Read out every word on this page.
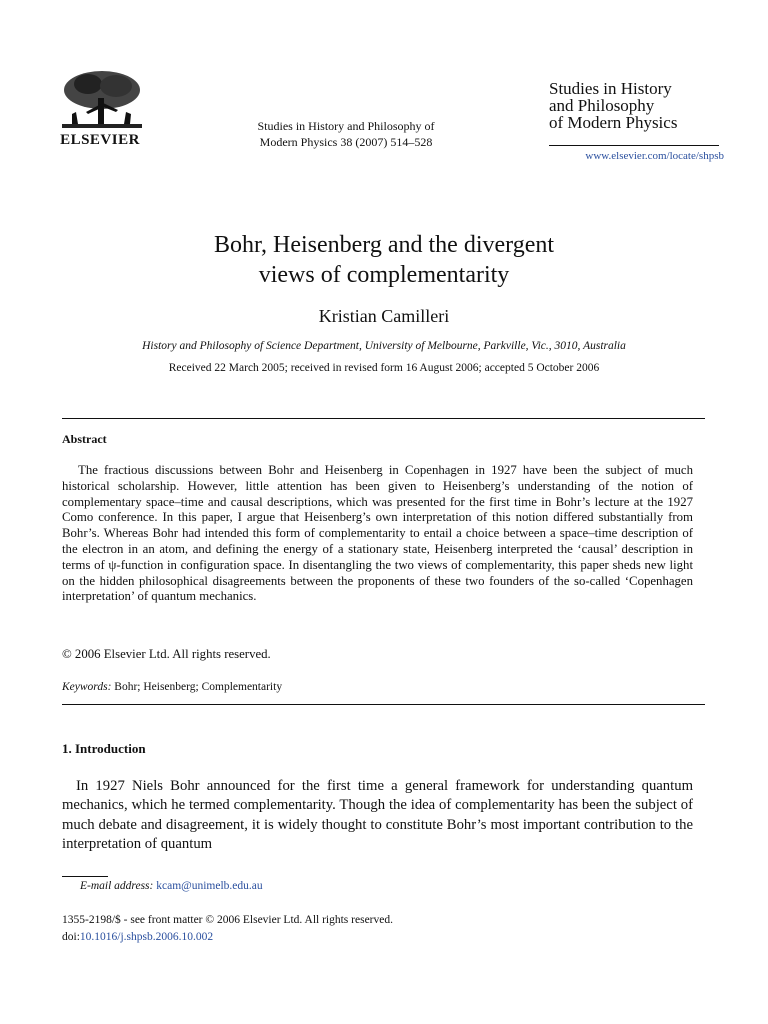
ELSEVIER
Studies in History and Philosophy of
Modern Physics 38 (2007) 514–528
Studies in History
and Philosophy
of Modern Physics
www.elsevier.com/locate/shpsb
Bohr, Heisenberg and the divergent
views of complementarity
Kristian Camilleri
History and Philosophy of Science Department, University of Melbourne, Parkville, Vic., 3010, Australia
Received 22 March 2005; received in revised form 16 August 2006; accepted 5 October 2006
Abstract

The fractious discussions between Bohr and Heisenberg in Copenhagen in 1927 have been the subject of much historical scholarship. However, little attention has been given to Heisenberg’s understanding of the notion of complementary space–time and causal descriptions, which was presented for the first time in Bohr’s lecture at the 1927 Como conference. In this paper, I argue that Heisenberg’s own interpretation of this notion differed substantially from Bohr’s. Whereas Bohr had intended this form of complementarity to entail a choice between a space–time description of the electron in an atom, and defining the energy of a stationary state, Heisenberg interpreted the ‘causal’ description in terms of ψ-function in configuration space. In disentangling the two views of complementarity, this paper sheds new light on the hidden philosophical disagreements between the proponents of these two founders of the so-called ‘Copenhagen interpretation’ of quantum mechanics.

© 2006 Elsevier Ltd. All rights reserved.
Keywords: Bohr; Heisenberg; Complementarity
1. Introduction

In 1927 Niels Bohr announced for the first time a general framework for understanding quantum mechanics, which he termed complementarity. Though the idea of complementarity has been the subject of much debate and disagreement, it is widely thought to constitute Bohr’s most important contribution to the interpretation of quantum

E-mail address: kcam@unimelb.edu.au
1355-2198/$ - see front matter © 2006 Elsevier Ltd. All rights reserved.
doi:10.1016/j.shpsb.2006.10.002
